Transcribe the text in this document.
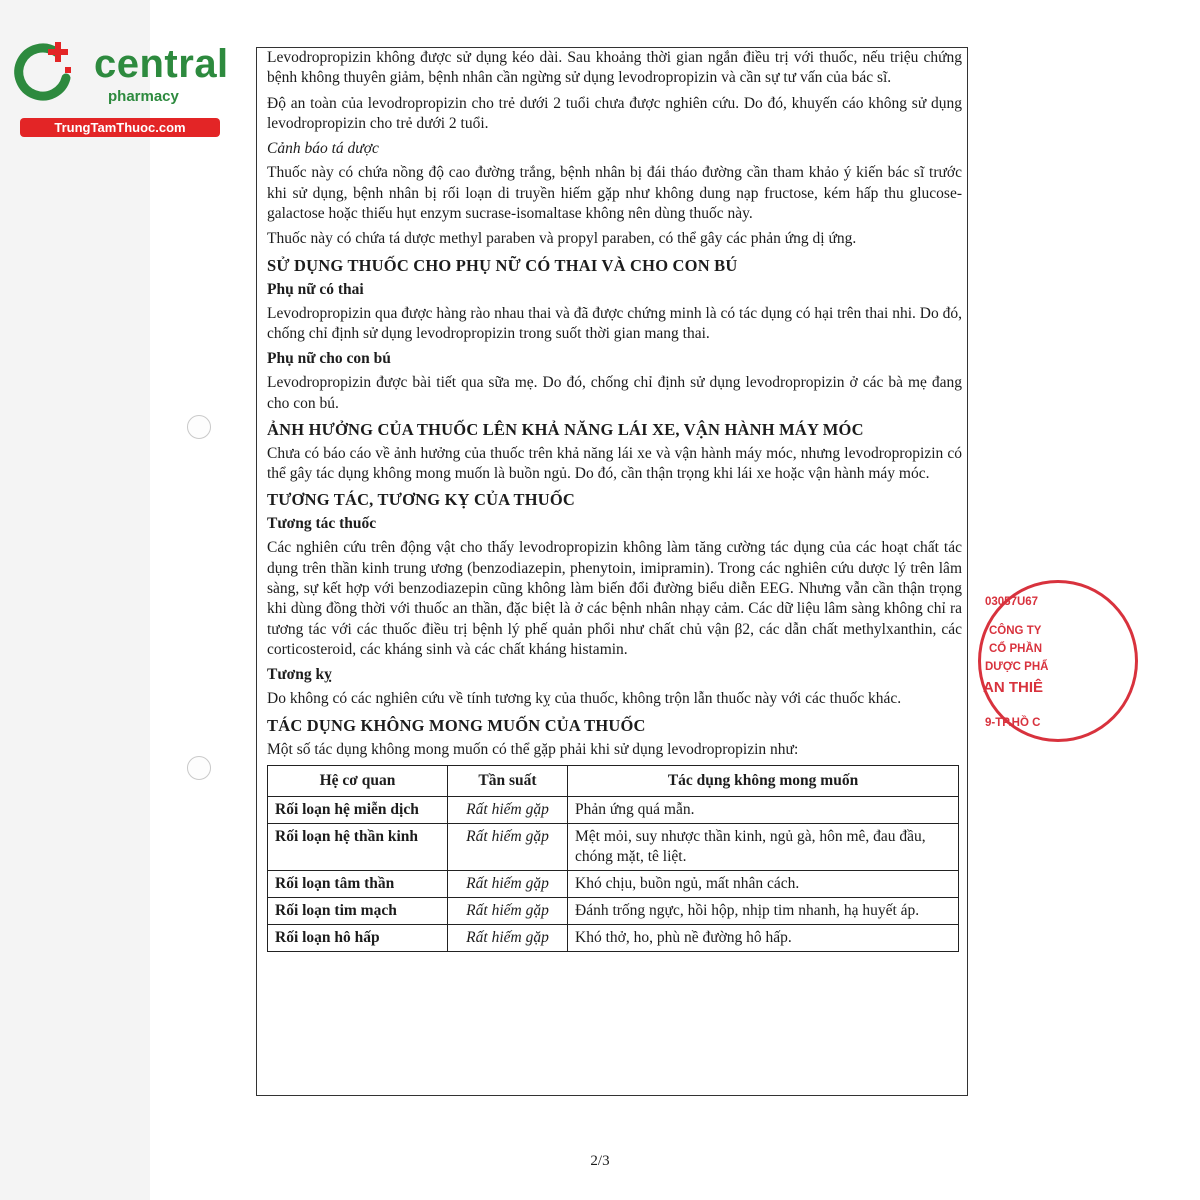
central
pharmacy
TrungTamThuoc.com

Levodropropizin không được sử dụng kéo dài. Sau khoảng thời gian ngắn điều trị với thuốc, nếu triệu chứng bệnh không thuyên giảm, bệnh nhân cần ngừng sử dụng levodropropizin và cần sự tư vấn của bác sĩ.

Độ an toàn của levodropropizin cho trẻ dưới 2 tuổi chưa được nghiên cứu. Do đó, khuyến cáo không sử dụng levodropropizin cho trẻ dưới 2 tuổi.

Cảnh báo tá dược

Thuốc này có chứa nồng độ cao đường trắng, bệnh nhân bị đái tháo đường cần tham khảo ý kiến bác sĩ trước khi sử dụng, bệnh nhân bị rối loạn di truyền hiếm gặp như không dung nạp fructose, kém hấp thu glucose-galactose hoặc thiếu hụt enzym sucrase-isomaltase không nên dùng thuốc này.

Thuốc này có chứa tá dược methyl paraben và propyl paraben, có thể gây các phản ứng dị ứng.

SỬ DỤNG THUỐC CHO PHỤ NỮ CÓ THAI VÀ CHO CON BÚ
Phụ nữ có thai

Levodropropizin qua được hàng rào nhau thai và đã được chứng minh là có tác dụng có hại trên thai nhi. Do đó, chống chỉ định sử dụng levodropropizin trong suốt thời gian mang thai.

Phụ nữ cho con bú

Levodropropizin được bài tiết qua sữa mẹ. Do đó, chống chỉ định sử dụng levodropropizin ở các bà mẹ đang cho con bú.

ẢNH HƯỞNG CỦA THUỐC LÊN KHẢ NĂNG LÁI XE, VẬN HÀNH MÁY MÓC

Chưa có báo cáo về ảnh hưởng của thuốc trên khả năng lái xe và vận hành máy móc, nhưng levodropropizin có thể gây tác dụng không mong muốn là buồn ngủ. Do đó, cần thận trọng khi lái xe hoặc vận hành máy móc.

TƯƠNG TÁC, TƯƠNG KỴ CỦA THUỐC
Tương tác thuốc

Các nghiên cứu trên động vật cho thấy levodropropizin không làm tăng cường tác dụng của các hoạt chất tác dụng trên thần kinh trung ương (benzodiazepin, phenytoin, imipramin). Trong các nghiên cứu dược lý trên lâm sàng, sự kết hợp với benzodiazepin cũng không làm biến đổi đường biểu diễn EEG. Nhưng vẫn cần thận trọng khi dùng đồng thời với thuốc an thần, đặc biệt là ở các bệnh nhân nhạy cảm. Các dữ liệu lâm sàng không chỉ ra tương tác với các thuốc điều trị bệnh lý phế quản phổi như chất chủ vận β2, các dẫn chất methylxanthin, các corticosteroid, các kháng sinh và các chất kháng histamin.

Tương kỵ

Do không có các nghiên cứu về tính tương kỵ của thuốc, không trộn lẫn thuốc này với các thuốc khác.

TÁC DỤNG KHÔNG MONG MUỐN CỦA THUỐC

Một số tác dụng không mong muốn có thể gặp phải khi sử dụng levodropropizin như:

Hệ cơ quan	Tần suất	Tác dụng không mong muốn
Rối loạn hệ miễn dịch	Rất hiếm gặp	Phản ứng quá mẫn.
Rối loạn hệ thần kinh	Rất hiếm gặp	Mệt mỏi, suy nhược thần kinh, ngủ gà, hôn mê, đau đầu, chóng mặt, tê liệt.
Rối loạn tâm thần	Rất hiếm gặp	Khó chịu, buồn ngủ, mất nhân cách.
Rối loạn tim mạch	Rất hiếm gặp	Đánh trống ngực, hồi hộp, nhịp tim nhanh, hạ huyết áp.
Rối loạn hô hấp	Rất hiếm gặp	Khó thở, ho, phù nề đường hô hấp.
03057U67
CÔNG TY
CỔ PHẦN
DƯỢC PHẨ
AN THIÊ
9-TP.HỒ C
2/3
